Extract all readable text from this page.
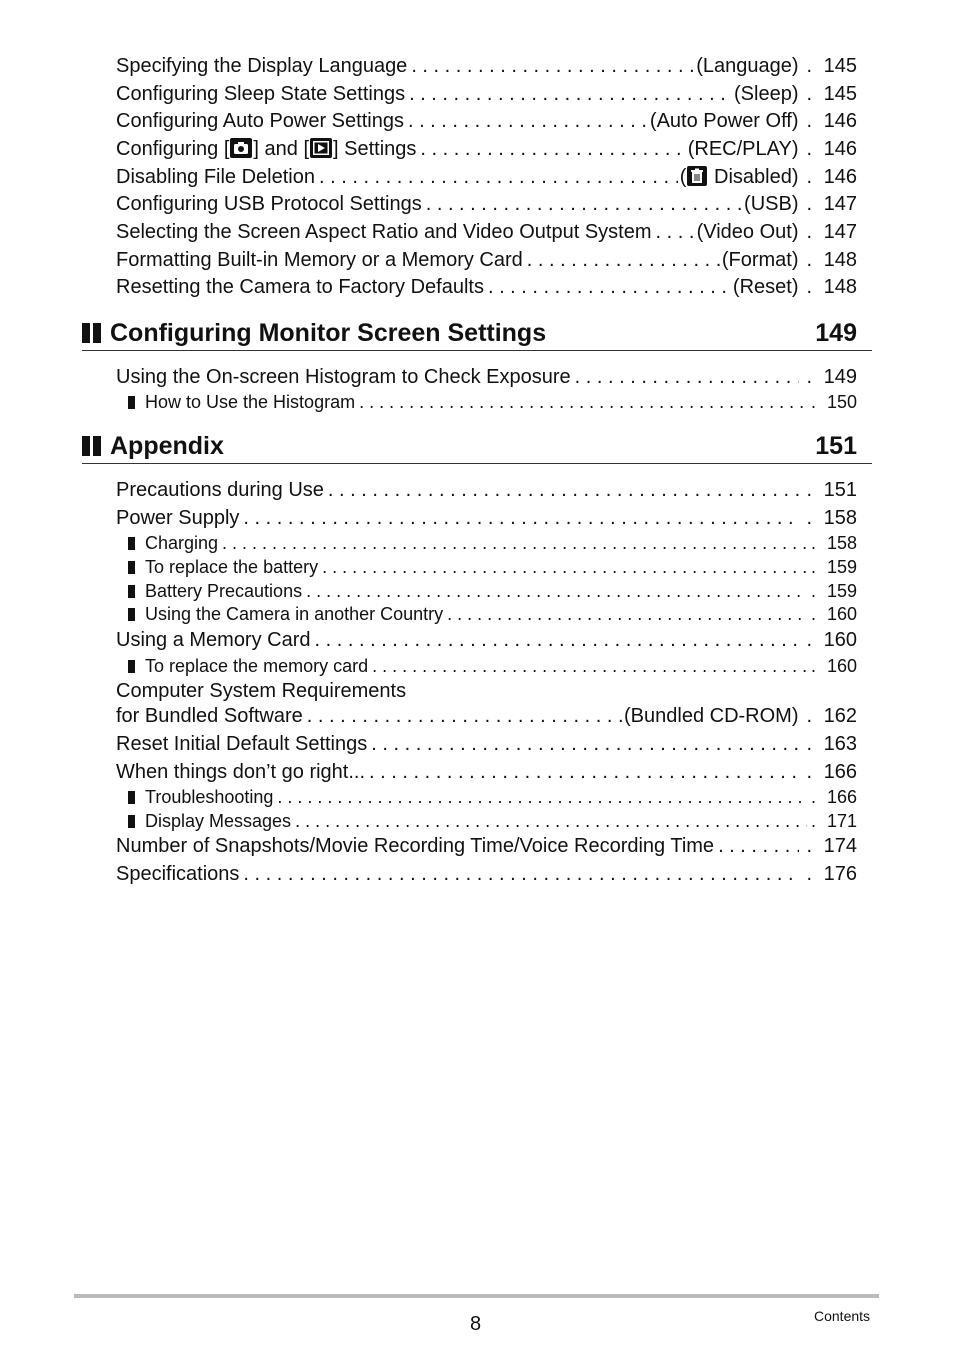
Specifying the Display Language . . .	(Language)	. 145
Configuring Sleep State Settings . . .	(Sleep)	. 145
Configuring Auto Power Settings . . .	(Auto Power Off)	. 146
Configuring [ ] and [ ] Settings . . .	(REC/PLAY)	. 146
Disabling File Deletion . . .	( Disabled)	. 146
Configuring USB Protocol Settings . . .	(USB)	. 147
Selecting the Screen Aspect Ratio and Video Output System . . . (Video Out)	. 147
Formatting Built-in Memory or a Memory Card . . .	(Format)	. 148
Resetting the Camera to Factory Defaults . . .	(Reset)	. 148
Configuring Monitor Screen Settings	149
Using the On-screen Histogram to Check Exposure . . .	. 149
How to Use the Histogram . . .	. 150
Appendix	151
Precautions during Use . . .	. 151
Power Supply . . .	. 158
Charging . . .	. 158
To replace the battery . . .	. 159
Battery Precautions . . .	. 159
Using the Camera in another Country . . .	. 160
Using a Memory Card . . .	. 160
To replace the memory card . . .	. 160
Computer System Requirements
for Bundled Software . . .	(Bundled CD-ROM)	. 162
Reset Initial Default Settings . . .	. 163
When things don’t go right... . . .	. 166
Troubleshooting . . .	. 166
Display Messages . . .	. 171
Number of Snapshots/Movie Recording Time/Voice Recording Time . . .	. 174
Specifications . . .	. 176
8	Contents
